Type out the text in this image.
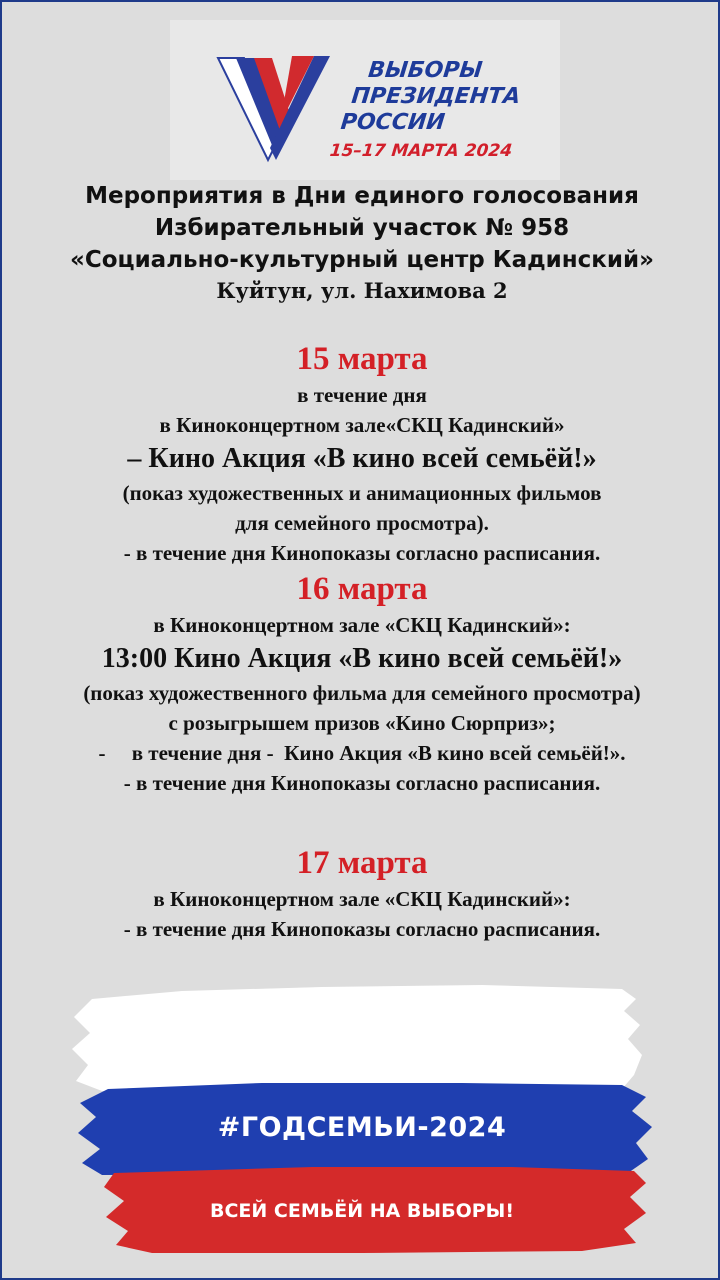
ВЫБОРЫ
ПРЕЗИДЕНТА
РОССИИ
15–17 МАРТА 2024
Мероприятия в Дни единого голосования
Избирательный участок № 958
«Социально-культурный центр Кадинский»
Куйтун, ул. Нахимова 2
15 марта
в течение дня
в Киноконцертном зале«СКЦ Кадинский»
– Кино Акция «В кино всей семьёй!»
(показ художественных и анимационных фильмов
для семейного просмотра).
- в течение дня Кинопоказы согласно расписания.
16 марта
в Киноконцертном зале «СКЦ Кадинский»:
13:00 Кино Акция «В кино всей семьёй!»
(показ художественного фильма для семейного просмотра)
с розыгрышем призов «Кино Сюрприз»;
-     в течение дня -  Кино Акция «В кино всей семьёй!».
- в течение дня Кинопоказы согласно расписания.
17 марта
в Киноконцертном зале «СКЦ Кадинский»:
- в течение дня Кинопоказы согласно расписания.
#ГОДСЕМЬИ-2024
ВСЕЙ СЕМЬЁЙ НА ВЫБОРЫ!
